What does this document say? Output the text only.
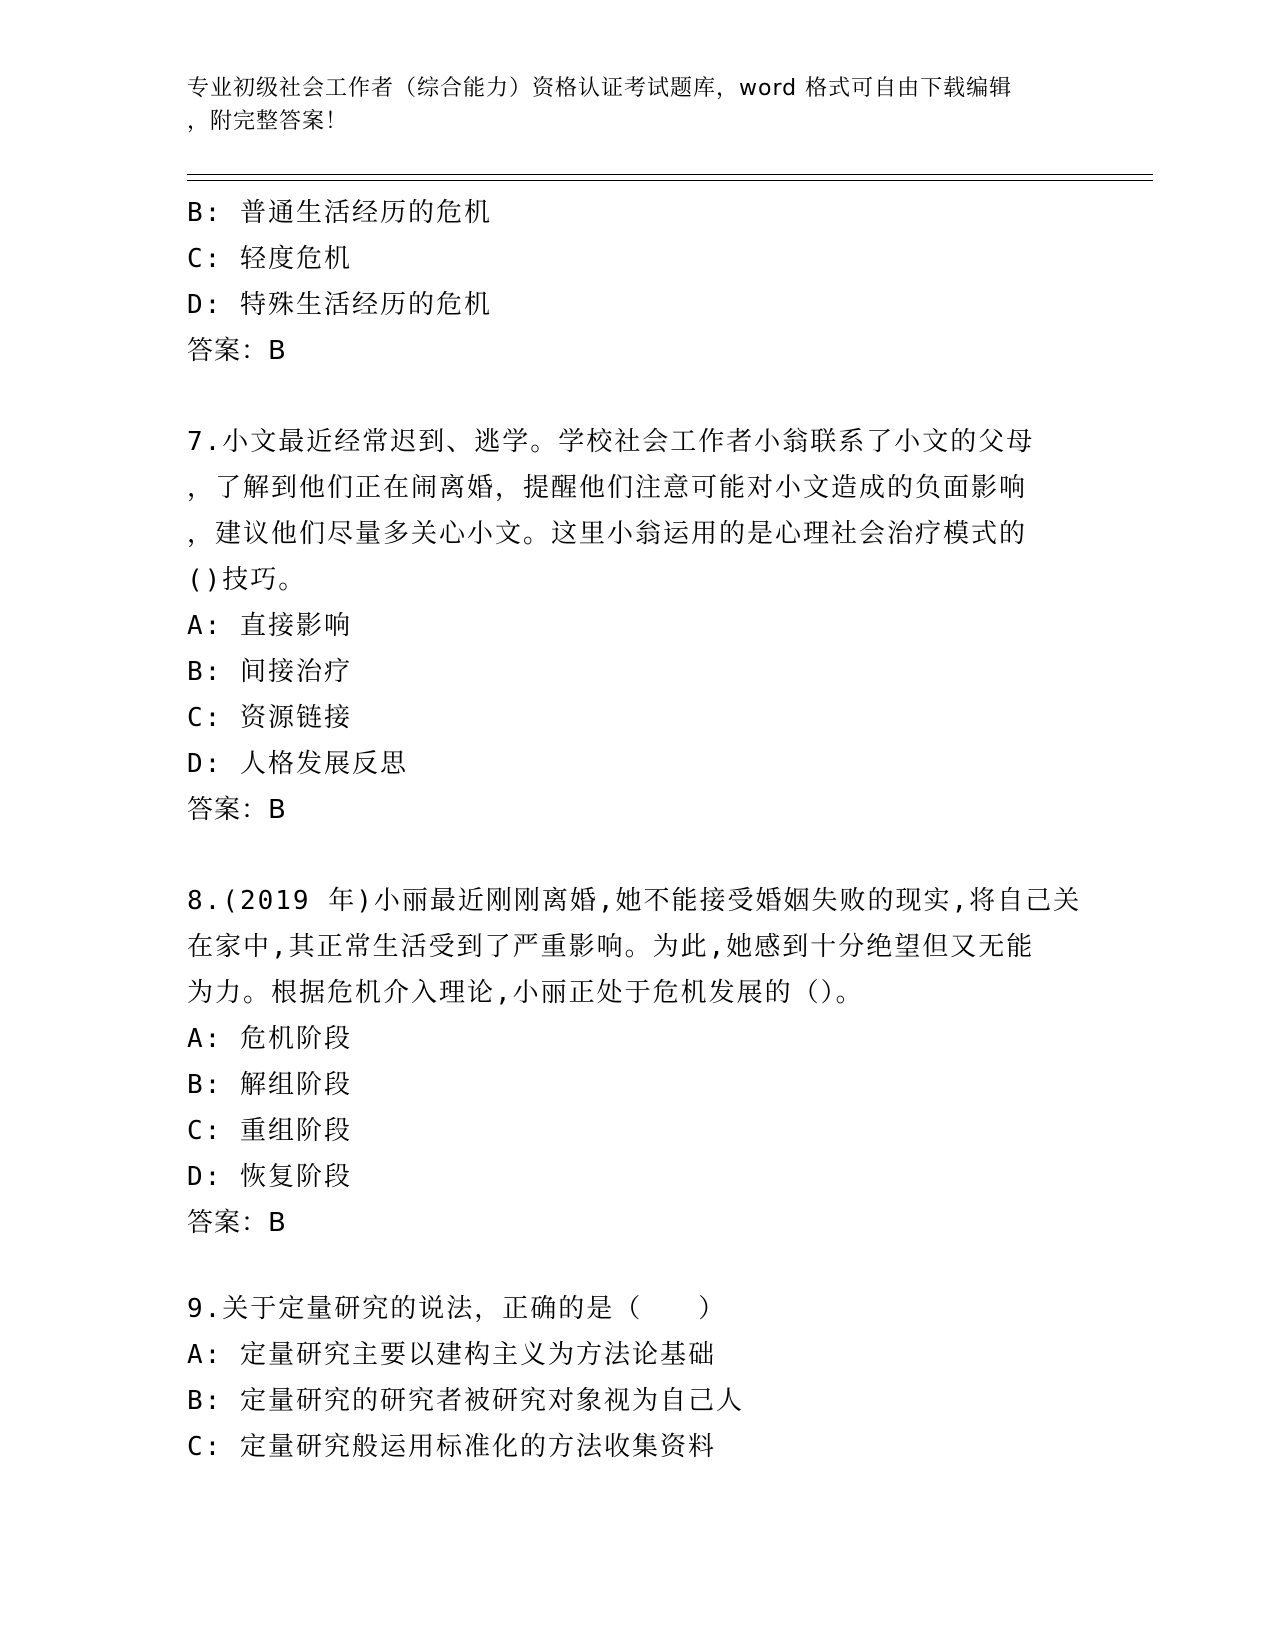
专业初级社会工作者（综合能力）资格认证考试题库，word 格式可自由下载编辑
，附完整答案！
B: 普通生活经历的危机
C: 轻度危机
D: 特殊生活经历的危机
答案：B
7.小文最近经常迟到、逃学。学校社会工作者小翁联系了小文的父母
，了解到他们正在闹离婚，提醒他们注意可能对小文造成的负面影响
，建议他们尽量多关心小文。这里小翁运用的是心理社会治疗模式的
()技巧。
A: 直接影响
B: 间接治疗
C: 资源链接
D: 人格发展反思
答案：B
8.(2019 年)小丽最近刚刚离婚,她不能接受婚姻失败的现实,将自己关
在家中,其正常生活受到了严重影响。为此,她感到十分绝望但又无能
为力。根据危机介入理论,小丽正处于危机发展的（）。
A: 危机阶段
B: 解组阶段
C: 重组阶段
D: 恢复阶段
答案：B
9.关于定量研究的说法，正确的是（　　）
A: 定量研究主要以建构主义为方法论基础
B: 定量研究的研究者被研究对象视为自己人
C: 定量研究般运用标准化的方法收集资料
